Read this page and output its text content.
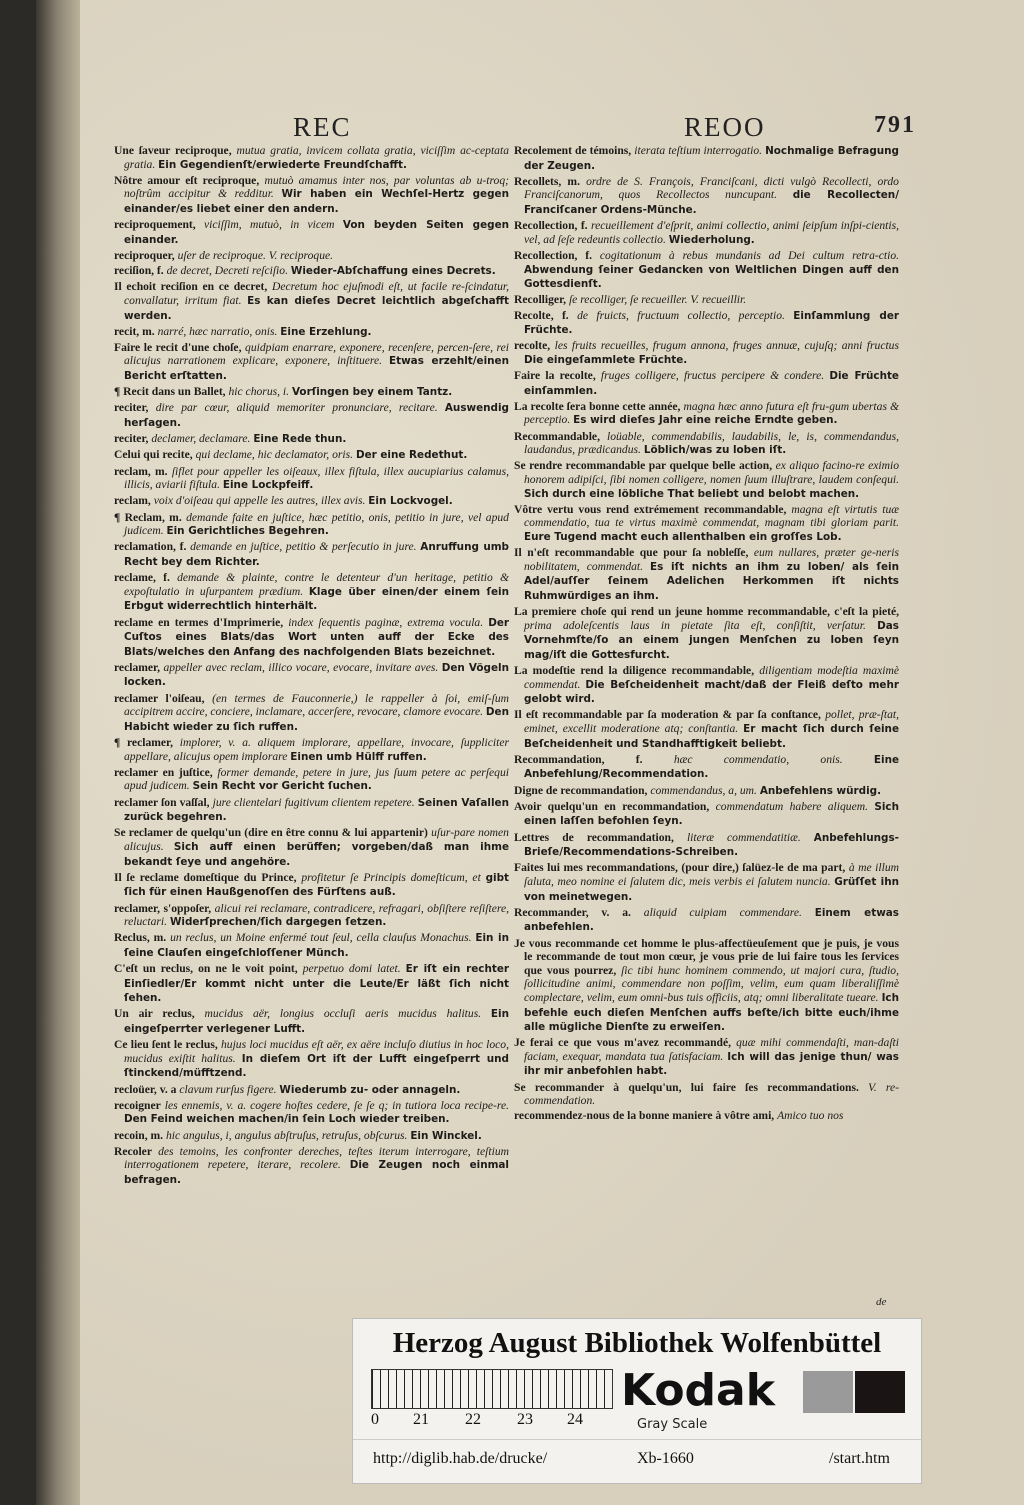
REC	REOO	791

Une ſaveur reciproque, mutua gratia, invicem collata gratia, viciſſim ac-ceptata gratia. Ein Gegendienſt/erwiederte Freundſchafft.

Nôtre amour eſt reciproque, mutuò amamus inter nos, par voluntas ab u-troq; noſtrûm accipitur & redditur. Wir haben ein Wechſel-Hertz gegen einander/es liebet einer den andern.

reciproquement, viciſſim, mutuò, in vicem Von beyden Seiten gegen einander.

reciproquer, uſer de reciproque. V. reciproque.

reciſion, f. de decret, Decreti reſciſio. Wieder-Abſchaffung eines Decrets.

Il echoit reciſion en ce decret, Decretum hoc ejuſmodi eſt, ut facile re-ſcindatur, convallatur, irritum fiat. Es kan dieſes Decret leichtlich abgeſchafft werden.

recit, m. narré, hæc narratio, onis. Eine Erzehlung.

Faire le recit d'une choſe, quidpiam enarrare, exponere, recenſere, percen-ſere, rei alicujus narrationem explicare, exponere, inſtituere. Etwas erzehlt/einen Bericht erſtatten.

¶ Recit dans un Ballet, hic chorus, i. Vorſingen bey einem Tantz.

reciter, dire par cœur, aliquid memoriter pronunciare, recitare. Auswendig herſagen.

reciter, declamer, declamare. Eine Rede thun.

Celui qui recite, qui declame, hic declamator, oris. Der eine Redethut.

reclam, m. ſiflet pour appeller les oiſeaux, illex fiſtula, illex aucupiarius calamus, illicis, aviarii fiſtula. Eine Lockpfeiff.

reclam, voix d'oiſeau qui appelle les autres, illex avis. Ein Lockvogel.

¶ Reclam, m. demande faite en juſtice, hæc petitio, onis, petitio in jure, vel apud judicem. Ein Gerichtliches Begehren.

reclamation, f. demande en juſtice, petitio & perſecutio in jure. Anruffung umb Recht bey dem Richter.

reclame, f. demande & plainte, contre le detenteur d'un heritage, petitio & expoſtulatio in uſurpantem prædium. Klage über einen/der einem ſein Erbgut widerrechtlich hinterhält.

reclame en termes d'Imprimerie, index ſequentis paginæ, extrema vocula. Der Cuſtos eines Blats/das Wort unten auff der Ecke des Blats/welches den Anfang des nachfolgenden Blats bezeichnet.

reclamer, appeller avec reclam, illico vocare, evocare, invitare aves. Den Vögeln locken.

reclamer l'oiſeau, (en termes de Fauconnerie,) le rappeller à ſoi, emiſ-ſum accipitrem accire, conciere, inclamare, accerſere, revocare, clamore evocare. Den Habicht wieder zu ſich ruffen.

¶ reclamer, implorer, v. a. aliquem implorare, appellare, invocare, ſuppliciter appellare, alicujus opem implorare Einen umb Hülff ruffen.

reclamer en juſtice, former demande, petere in jure, jus ſuum petere ac perſequi apud judicem. Sein Recht vor Gericht ſuchen.

reclamer ſon vaſſal, jure clientelari fugitivum clientem repetere. Seinen Vaſallen zurück begehren.

Se reclamer de quelqu'un (dire en être connu & lui appartenir) uſur-pare nomen alicujus. Sich auff einen berüffen; vorgeben/daß man ihme bekandt ſeye und angehöre.

Il ſe reclame domeſtique du Prince, profitetur ſe Principis domeſticum, et gibt ſich für einen Haußgenoſſen des Fürſtens auß.

reclamer, s'oppoſer, alicui rei reclamare, contradicere, refragari, obſiſtere reſiſtere, reluctari. Widerſprechen/ſich dargegen ſetzen.

Reclus, m. un reclus, un Moine enfermé tout ſeul, cella clauſus Monachus. Ein in ſeine Clauſen eingeſchloſſener Münch.

C'eſt un reclus, on ne le voit point, perpetuo domi latet. Er iſt ein rechter Einſiedler/Er kommt nicht unter die Leute/Er läßt ſich nicht ſehen.

Un air reclus, mucidus aër, longius occluſi aeris mucidus halitus. Ein eingeſperrter verlegener Lufft.

Ce lieu ſent le reclus, hujus loci mucidus eſt aër, ex aëre incluſo diutius in hoc loco, mucidus exiſtit halitus. In dieſem Ort iſt der Lufft eingeſperrt und ſtinckend/müfftzend.

recloüer, v. a clavum rurſus figere. Wiederumb zu- oder annageln.

recoigner les ennemis, v. a. cogere hoſtes cedere, ſe ſe q; in tutiora loca recipe-re. Den Feind weichen machen/in ſein Loch wieder treiben.

recoin, m. hic angulus, i, angulus abſtruſus, retruſus, obſcurus. Ein Winckel.

Recoler des temoins, les confronter dereches, teſtes iterum interrogare, teſtium interrogationem repetere, iterare, recolere. Die Zeugen noch einmal befragen.

Recolement de témoins, iterata teſtium interrogatio. Nochmalige Befragung der Zeugen.

Recollets, m. ordre de S. François, Franciſcani, dicti vulgò Recollecti, ordo Franciſcanorum, quos Recollectos nuncupant. die Recollecten/ Franciſcaner Ordens-Münche.

Recollection, f. recueillement d'eſprit, animi collectio, animi ſeipſum inſpi-cientis, vel, ad ſeſe redeuntis collectio. Wiederholung.

Recollection, f. cogitationum à rebus mundanis ad Dei cultum retra-ctio. Abwendung ſeiner Gedancken von Weltlichen Dingen auff den Gottesdienſt.

Recolliger, ſe recolliger, ſe recueiller. V. recueillir.

Recolte, f. de fruicts, fructuum collectio, perceptio. Einſammlung der Früchte.

recolte, les fruits recueilles, frugum annona, fruges annuæ, cujuſq; anni fructus Die eingeſammlete Früchte.

Faire la recolte, fruges colligere, fructus percipere & condere. Die Früchte einſammlen.

La recolte ſera bonne cette année, magna hæc anno futura eſt fru-gum ubertas & perceptio. Es wird dieſes Jahr eine reiche Erndte geben.

Recommandable, loüable, commendabilis, laudabilis, le, is, commendandus, laudandus, prædicandus. Löblich/was zu loben iſt.

Se rendre recommandable par quelque belle action, ex aliquo facino-re eximio honorem adipiſci, ſibi nomen colligere, nomen ſuum illuſtrare, laudem conſequi. Sich durch eine löbliche That beliebt und belobt machen.

Vôtre vertu vous rend extrémement recommandable, magna eſt virtutis tuæ commendatio, tua te virtus maximè commendat, magnam tibi gloriam parit. Eure Tugend macht euch allenthalben ein groſſes Lob.

Il n'eſt recommandable que pour ſa nobleſſe, eum nullares, præter ge-neris nobilitatem, commendat. Es iſt nichts an ihm zu loben/ als ſein Adel/auſſer ſeinem Adelichen Herkommen iſt nichts Ruhmwürdiges an ihm.

La premiere choſe qui rend un jeune homme recommandable, c'eſt la pieté, prima adoleſcentis laus in pietate ſita eſt, conſiſtit, verſatur. Das Vornehmſte/ſo an einem jungen Menſchen zu loben ſeyn mag/iſt die Gottesfurcht.

La modeſtie rend la diligence recommandable, diligentiam modeſtia maximè commendat. Die Beſcheidenheit macht/daß der Fleiß deſto mehr gelobt wird.

Il eſt recommandable par ſa moderation & par ſa conſtance, pollet, præ-ſtat, eminet, excellit moderatione atq; conſtantia. Er macht ſich durch ſeine Beſcheidenheit und Standhafftigkeit beliebt.

Recommandation, f.	hæc commendatio, onis.	Eine Anbefehlung/Recommendation.

Digne de recommandation, commendandus, a, um. Anbefehlens würdig.

Avoir quelqu'un en recommandation, commendatum habere aliquem. Sich einen laſſen befohlen ſeyn.

Lettres de recommandation, literæ commendatitiæ. Anbefehlungs-Brieſe/Recommendations-Schreiben.

Faites lui mes recommandations, (pour dire,) ſalüez-le de ma part, à me illum ſaluta, meo nomine ei ſalutem dic, meis verbis ei ſalutem nuncia. Grüſſet ihn von meinetwegen.

Recommander, v. a. aliquid cuipiam commendare. Einem etwas anbefehlen.

Je vous recommande cet homme le plus-affectüeuſement que je puis, je vous le recommande de tout mon cœur, je vous prie de lui faire tous les ſervices que vous pourrez, ſic tibi hunc hominem commendo, ut majori cura, ſtudio, ſollicitudine animi, commendare non poſſim, velim, eum quam liberaliſſimè complectare, velim, eum omni-bus tuis officiis, atq; omni liberalitate tueare. Ich befehle euch dieſen Menſchen auffs beſte/ich bitte euch/ihme alle mügliche Dienſte zu erweiſen.

Je ferai ce que vous m'avez recommandé, quæ mihi commendaſti, man-daſti faciam, exequar, mandata tua ſatisfaciam. Ich will das jenige thun/ was ihr mir anbefohlen habt.

Se recommander à quelqu'un, lui faire ſes recommandations. V. re-commendation.

recommendez-nous de la bonne maniere à vôtre ami, Amico tuo nos

de
Herzog August Bibliothek Wolfenbüttel
0 21 22 23 24
Kodak
Gray Scale
http://diglib.hab.de/drucke/	Xb-1660	/start.htm
